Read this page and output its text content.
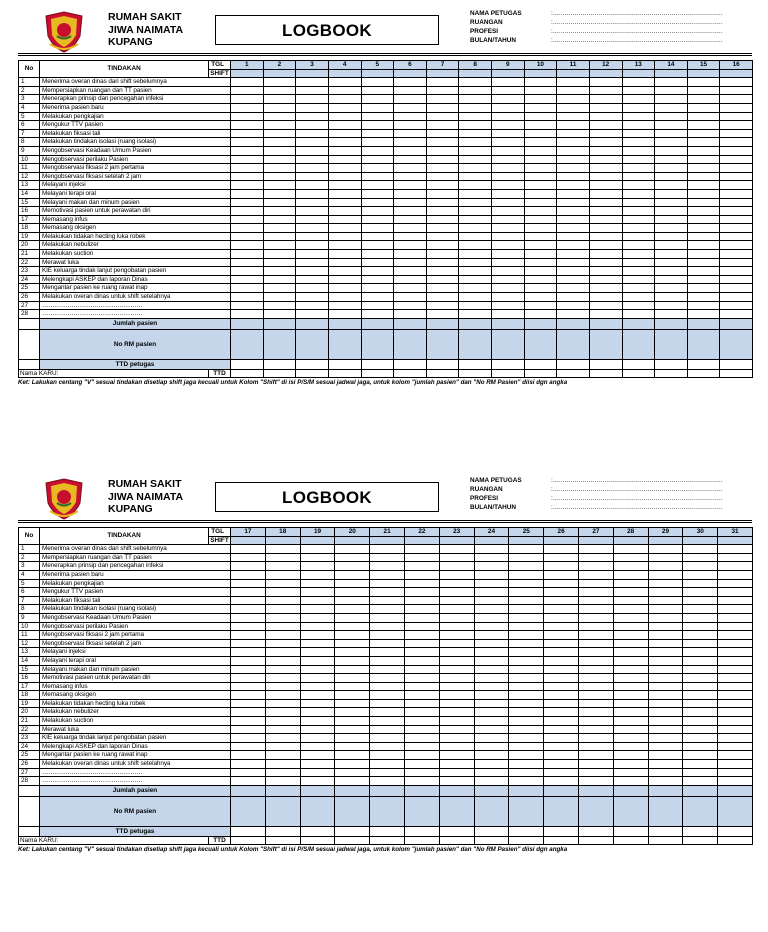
RUMAH SAKIT
JIWA NAIMATA
KUPANG
LOGBOOK
NAMA PETUGAS	:......................................................................................
RUANGAN	:......................................................................................
PROFESI	:......................................................................................
BULAN/TAHUN	:......................................................................................
No	TINDAKAN	TGL	1	2	3	4	5	6	7	8	9	10	11	12	13	14	15	16
		SHIFT																
1	Menerima overan dinas dari shift sebelumnya																	
2	Mempersiapkan ruangan dan TT pasien																	
3	Menerapkan prinsip dan pencegahan infeksi																	
4	Menerima pasien baru																	
5	Melakukan pengkajian																	
6	Mengukur TTV pasien																	
7	Melakukan fiksasi tali																	
8	Melakukan tindakan isolasi (ruang isolasi)																	
9	Mengobservasi Keadaan Umum Pasien																	
10	Mengobservasi perilaku Pasien																	
11	Mengobservasi fiksasi 2 jam pertama																	
12	Mengobservasi fiksasi setelah 2 jam																	
13	Melayani injeksi																	
14	Melayani terapi oral																	
15	Melayani makan dan minum pasien																	
16	Memotivasi pasien untuk perawatan diri																	
17	Memasang infus																	
18	Memasang oksigen																	
19	Melakukan tidakan hecting luka robek																	
20	Melakukan nebulizer																	
21	Melakukan suction																	
22	Merawat luka																	
23	KIE keluarga tindak lanjut pengobatan pasien																	
24	Melengkapi ASKEP dan laporan Dinas																	
25	Mengantar pasien ke ruang rawat inap																	
26	Melakukan overan dinas untuk shift setelahnya																	
27	…………………………………………																	
28	…………………………………………																	
	Jumlah pasien																	
	No RM pasien																	
	TTD petugas																	
Nama KARU:		TTD																
Ket: Lakukan centang "V" sesuai tindakan disetiap shift jaga kecuali untuk Kolom "Shift" di isi P/S/M sesuai jadwal jaga, untuk kolom "jumlah pasien" dan "No RM Pasien" diisi dgn angka
RUMAH SAKIT
JIWA NAIMATA
KUPANG
LOGBOOK
NAMA PETUGAS	:......................................................................................
RUANGAN	:......................................................................................
PROFESI	:......................................................................................
BULAN/TAHUN	:......................................................................................
No	TINDAKAN	TGL	17	18	19	20	21	22	23	24	25	26	27	28	29	30	31
		SHIFT															
1	Menerima overan dinas dari shift sebelumnya																
2	Mempersiapkan ruangan dan TT pasien																
3	Menerapkan prinsip dan pencegahan infeksi																
4	Menerima pasien baru																
5	Melakukan pengkajian																
6	Mengukur TTV pasien																
7	Melakukan fiksasi tali																
8	Melakukan tindakan isolasi (ruang isolasi)																
9	Mengobservasi Keadaan Umum Pasien																
10	Mengobservasi perilaku Pasien																
11	Mengobservasi fiksasi 2 jam pertama																
12	Mengobservasi fiksasi setelah 2 jam																
13	Melayani injeksi																
14	Melayani terapi oral																
15	Melayani makan dan minum pasien																
16	Memotivasi pasien untuk perawatan diri																
17	Memasang infus																
18	Memasang oksigen																
19	Melakukan tidakan hecting luka robek																
20	Melakukan nebulizer																
21	Melakukan suction																
22	Merawat luka																
23	KIE keluarga tindak lanjut pengobatan pasien																
24	Melengkapi ASKEP dan laporan Dinas																
25	Mengantar pasien ke ruang rawat inap																
26	Melakukan overan dinas untuk shift setelahnya																
27	…………………………………………																
28	…………………………………………																
	Jumlah pasien																
	No RM pasien																
	TTD petugas																
Nama KARU:		TTD															
Ket: Lakukan centang "V" sesuai tindakan disetiap shift jaga kecuali untuk Kolom "Shift" di isi P/S/M sesuai jadwal jaga, untuk kolom "jumlah pasien" dan "No RM Pasien" diisi dgn angka
